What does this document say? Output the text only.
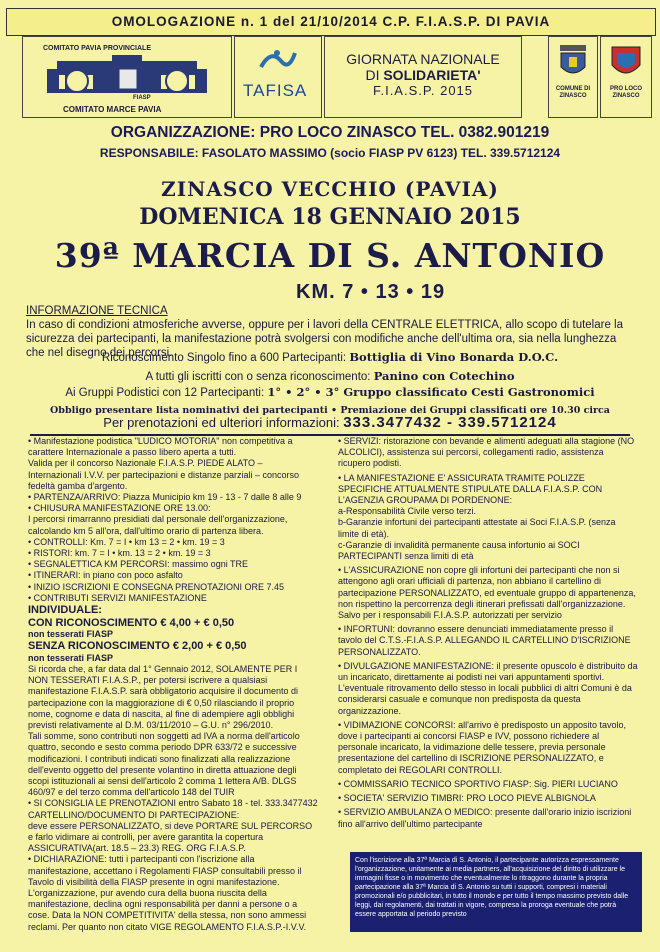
OMOLOGAZIONE n. 1 del 21/10/2014 C.P. F.I.A.S.P. DI PAVIA
COMITATO PAVIA PROVINCIALE
FIASP
COMITATO MARCE PAVIA
TAFISA
GIORNATA NAZIONALE
DI SOLIDARIETA'
F.I.A.S.P. 2015	COMUNE DI ZINASCO
PRO LOCO ZINASCO
ORGANIZZAZIONE: PRO LOCO ZINASCO TEL. 0382.901219
RESPONSABILE: FASOLATO MASSIMO (socio FIASP PV 6123) TEL. 339.5712124
ZINASCO VECCHIO (PAVIA)
DOMENICA 18 GENNAIO 2015
39ª MARCIA DI S. ANTONIO
KM. 7 • 13 • 19
INFORMAZIONE TECNICA
In caso di condizioni atmosferiche avverse, oppure per i lavori della CENTRALE ELETTRICA, allo scopo di tutelare la sicurezza dei partecipanti, la manifestazione potrà svolgersi con modifiche anche dell'ultima ora, sia nella lunghezza che nel disegno dei percorsi.
Riconoscimento Singolo fino a 600 Partecipanti: Bottiglia di Vino Bonarda D.O.C.
A tutti gli iscritti con o senza riconoscimento: Panino con Cotechino
Ai Gruppi Podistici con 12 Partecipanti: 1° • 2° • 3° Gruppo classificato Cesti Gastronomici
Obbligo presentare lista nominativi dei partecipanti • Premiazione dei Gruppi classificati ore 10.30 circa
Per prenotazioni ed ulteriori informazioni: 333.3477432 - 339.5712124
• Manifestazione podistica "LUDICO MOTORIA" non competitiva a carattere Internazionale a passo libero aperta a tutti.
Valida per il concorso Nazionale F.I.A.S.P. PIEDE ALATO – Internazionali I.V.V. per partecipazioni e distanze parziali – concorso fedeltà gamba d'argento.
• PARTENZA/ARRIVO: Piazza Municipio km 19 - 13 - 7 dalle 8 alle 9
• CHIUSURA MANIFESTAZIONE ORE 13.00:
I percorsi rimarranno presidiati dal personale dell'organizzazione, calcolando km 5 all'ora, dall'ultimo orario di partenza libera.
• CONTROLLI: Km. 7 = I • km 13 = 2 • km. 19 = 3
• RISTORI: km. 7 = I • km. 13 = 2 • km. 19 = 3
• SEGNALETTICA KM PERCORSI: massimo ogni TRE
• ITINERARI: in piano con poco asfalto
• INIZIO ISCRIZIONI E CONSEGNA PRENOTAZIONI ORE 7.45
• CONTRIBUTI SERVIZI MANIFESTAZIONE
INDIVIDUALE:
CON RICONOSCIMENTO € 4,00 + € 0,50
non tesserati FIASP
SENZA RICONOSCIMENTO € 2,00 + € 0,50
non tesserati FIASP
Si ricorda che, a far data dal 1° Gennaio 2012, SOLAMENTE PER I NON TESSERATI F.I.A.S.P., per potersi iscrivere a qualsiasi manifestazione F.I.A.S.P. sarà obbligatorio acquisire il documento di partecipazione con la maggiorazione di € 0,50 rilasciando il proprio nome, cognome e data di nascita, al fine di adempiere agli obblighi previsti relativamente al D.M. 03/11/2010 – G.U. n° 296/2010.
Tali somme, sono contributi non soggetti ad IVA a norma dell'articolo quattro, secondo e sesto comma periodo DPR 633/72 e successive modificazioni. I contributi indicati sono finalizzati alla realizzazione dell'evento oggetto del presente volantino in diretta attuazione degli scopi istituzionali ai sensi dell'articolo 2 comma 1 lettera A/B. DLGS 460/97 e del terzo comma dell'articolo 148 del TUIR
• SI CONSIGLIA LE PRENOTAZIONI entro Sabato 18 - tel. 333.3477432
CARTELLINO/DOCUMENTO DI PARTECIPAZIONE:
deve essere PERSONALIZZATO, si deve PORTARE SUL PERCORSO e farlo vidimare ai controlli, per avere garantita la copertura ASSICURATIVA(art. 18.5 – 23.3) REG. ORG F.I.A.S.P.
• DICHIARAZIONE: tutti i partecipanti con l'iscrizione alla manifestazione, accettano i Regolamenti FIASP consultabili presso il Tavolo di visibilità della FIASP presente in ogni manifestazione. L'organizzazione, pur avendo cura della buona riuscita della manifestazione, declina ogni responsabilità per danni a persone o a cose. Data la NON COMPETITIVITA' della stessa, non sono ammessi reclami. Per quanto non citato VIGE REGOLAMENTO F.I.A.S.P.-I.V.V.
• SERVIZI: ristorazione con bevande e alimenti adeguati alla stagione (NO ALCOLICI), assistenza sui percorsi, collegamenti radio, assistenza ricupero podisti.
• LA MANIFESTAZIONE E' ASSICURATA TRAMITE POLIZZE SPECIFICHE ATTUALMENTE STIPULATE DALLA F.I.A.S.P. CON L'AGENZIA GROUPAMA DI PORDENONE:
a-Responsabilità Civile verso terzi.
b-Garanzie infortuni dei partecipanti attestate ai Soci F.I.A.S.P. (senza limite di età).
c-Garanzie di invalidità permanente causa infortunio ai SOCI PARTECIPANTI senza limiti di età
• L'ASSICURAZIONE non copre gli infortuni dei partecipanti che non si attengono agli orari ufficiali di partenza, non abbiano il cartellino di partecipazione PERSONALIZZATO, ed eventuale gruppo di appartenenza, non rispettino la percorrenza degli itinerari prefissati dall'organizzazione. Salvo per i responsabili F.I.A.S.P. autorizzati per servizio
• INFORTUNI: dovranno essere denunciati immediatamente presso il tavolo del C.T.S.-F.I.A.S.P. ALLEGANDO IL CARTELLINO D'ISCRIZIONE PERSONALIZZATO.
• DIVULGAZIONE MANIFESTAZIONE: il presente opuscolo è distribuito da un incaricato, direttamente ai podisti nei vari appuntamenti sportivi. L'eventuale ritrovamento dello stesso in locali pubblici di altri Comuni è da considerarsi casuale e comunque non predisposta da questa organizzazione.
• VIDIMAZIONE CONCORSI: all'arrivo è predisposto un apposito tavolo, dove i partecipanti ai concorsi FIASP e IVV, possono richiedere al personale incaricato, la vidimazione delle tessere, previa personale presentazione del cartellino di ISCRIZIONE PERSONALIZZATO, e completato dei REGOLARI CONTROLLI.
• COMMISSARIO TECNICO SPORTIVO FIASP: Sig. PIERI LUCIANO
• SOCIETA' SERVIZIO TIMBRI: PRO LOCO PIEVE ALBIGNOLA
• SERVIZIO AMBULANZA O MEDICO: presente dall'orario inizio iscrizioni fino all'arrivo dell'ultimo partecipante
Con l'iscrizione alla 37ª Marcia di S. Antonio, il partecipante autorizza espressamente l'organizzazione, unitamente ai media partners, all'acquisizione del diritto di utilizzare le immagini fisse o in movimento che eventualmente lo ritraggono durante la propria partecipazione alla 37ª Marcia di S. Antonio su tutti i supporti, compresi i materiali promozionali e/o pubblicitari, in tutto il mondo e per tutto il tempo massimo previsto dalle leggi, dai regolamenti, dai trattati in vigore, compresa la proroga eventuale che potrà essere apportata al periodo previsto
